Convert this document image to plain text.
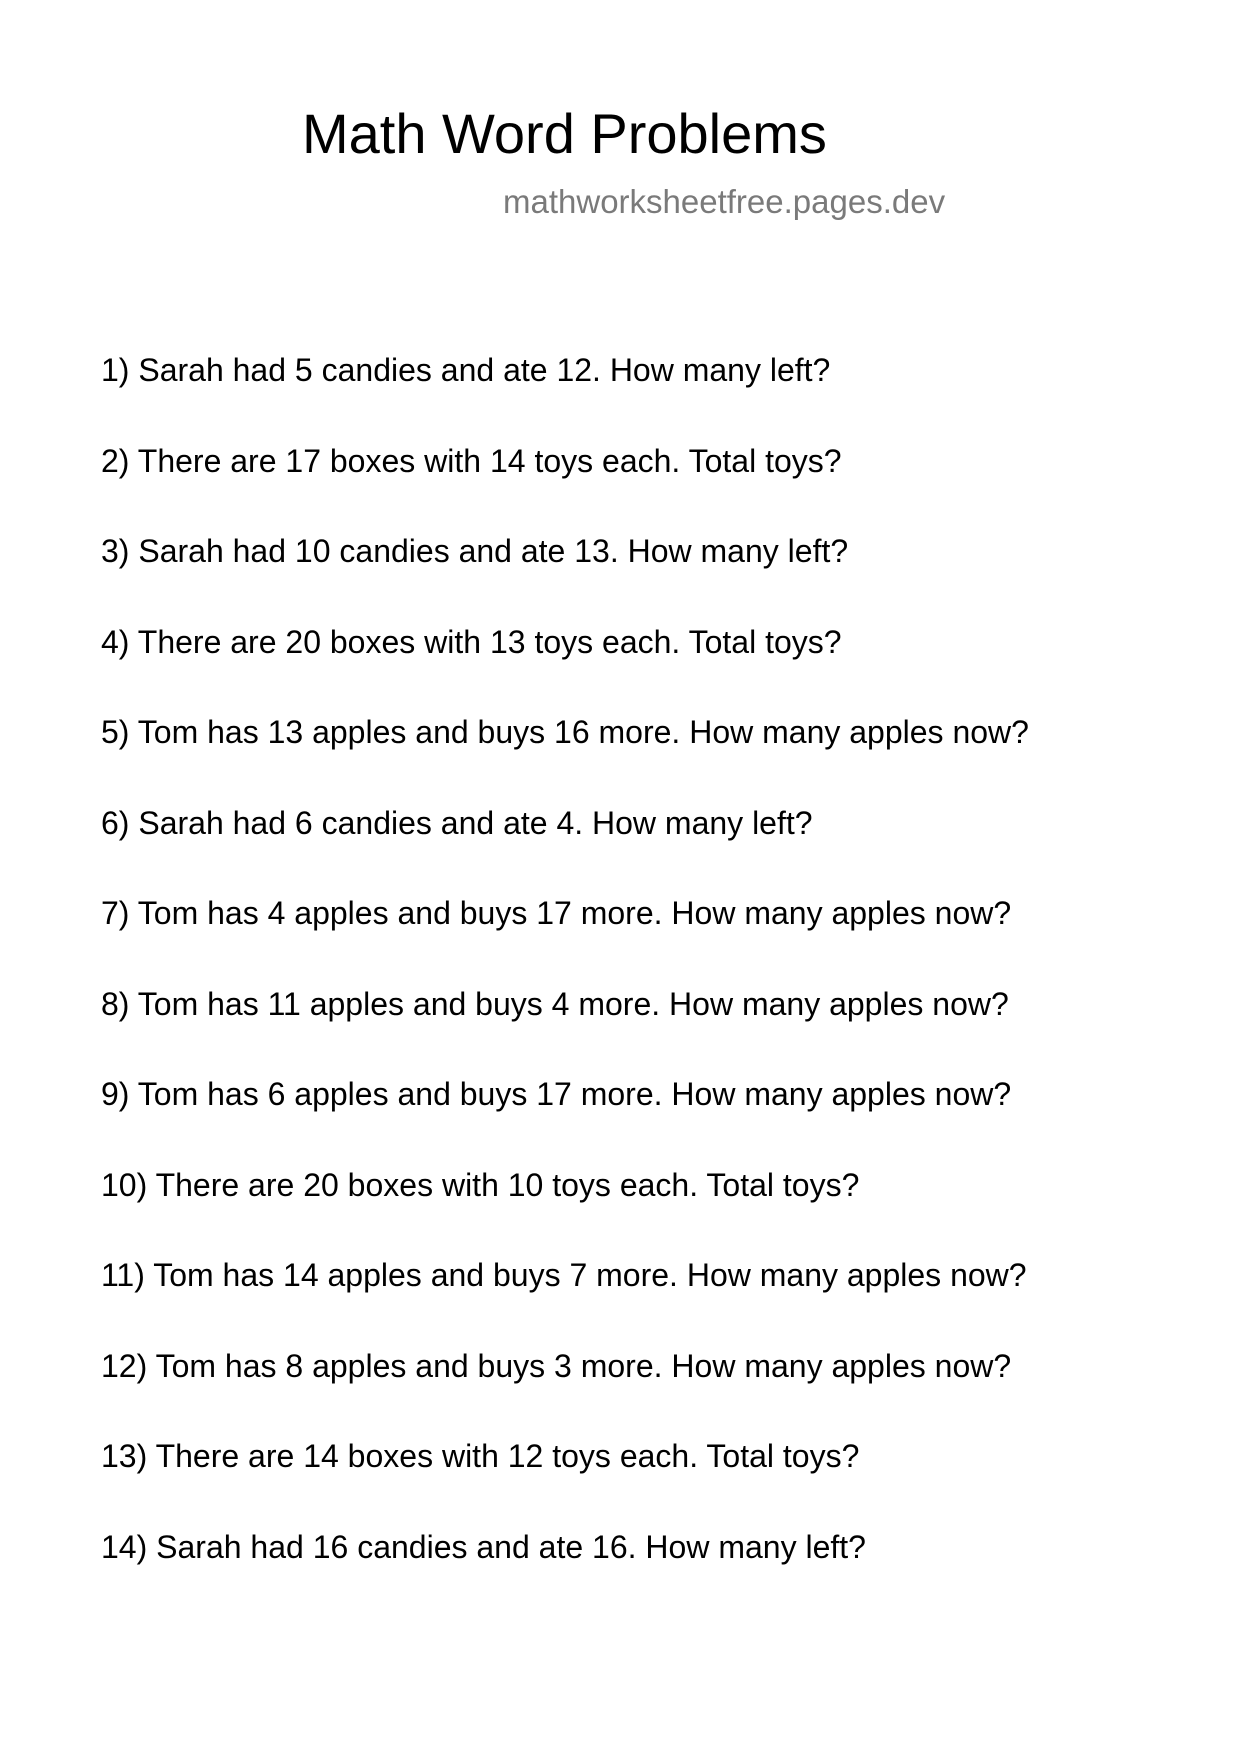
Math Word Problems
mathworksheetfree.pages.dev
1) Sarah had 5 candies and ate 12. How many left?
2) There are 17 boxes with 14 toys each. Total toys?
3) Sarah had 10 candies and ate 13. How many left?
4) There are 20 boxes with 13 toys each. Total toys?
5) Tom has 13 apples and buys 16 more. How many apples now?
6) Sarah had 6 candies and ate 4. How many left?
7) Tom has 4 apples and buys 17 more. How many apples now?
8) Tom has 11 apples and buys 4 more. How many apples now?
9) Tom has 6 apples and buys 17 more. How many apples now?
10) There are 20 boxes with 10 toys each. Total toys?
11) Tom has 14 apples and buys 7 more. How many apples now?
12) Tom has 8 apples and buys 3 more. How many apples now?
13) There are 14 boxes with 12 toys each. Total toys?
14) Sarah had 16 candies and ate 16. How many left?
